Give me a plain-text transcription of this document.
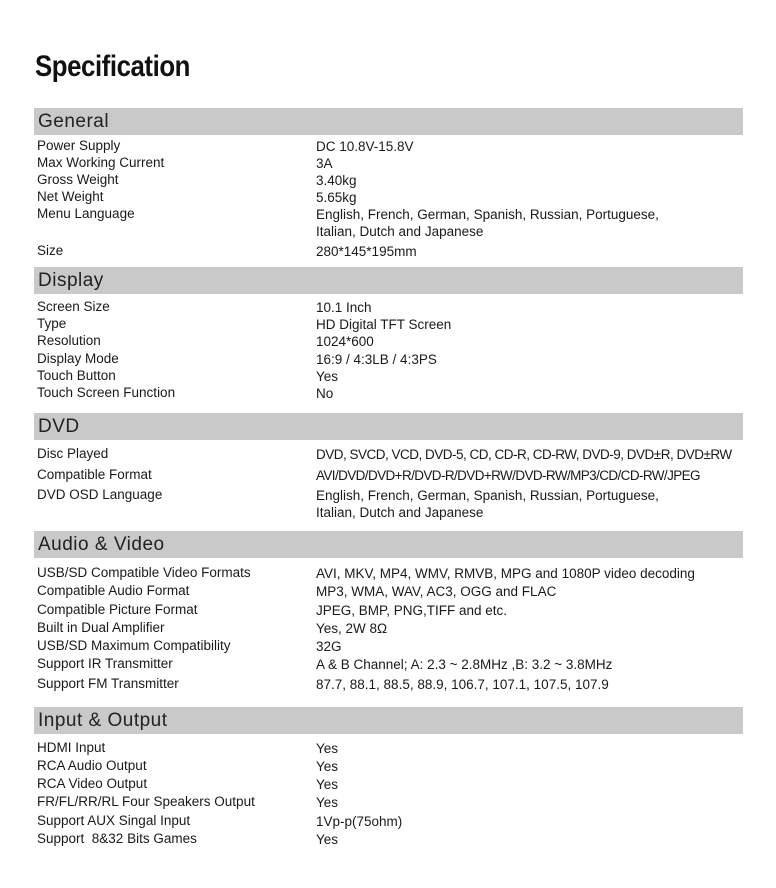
Specification
General
Power Supply	DC 10.8V-15.8V
Max Working Current	3A
Gross Weight	3.40kg
Net Weight	5.65kg
Menu Language	English, French, German, Spanish, Russian, Portuguese,
Italian, Dutch and Japanese
Size	280*145*195mm
Display
Screen Size	10.1 Inch
Type	HD Digital TFT Screen
Resolution	1024*600
Display Mode	16:9 / 4:3LB / 4:3PS
Touch Button	Yes
Touch Screen Function	No
DVD
Disc Played	DVD, SVCD, VCD, DVD-5, CD, CD-R, CD-RW, DVD-9, DVD±R, DVD±RW
Compatible Format	AVI/DVD/DVD+R/DVD-R/DVD+RW/DVD-RW/MP3/CD/CD-RW/JPEG
DVD OSD Language	English, French, German, Spanish, Russian, Portuguese,
Italian, Dutch and Japanese
Audio & Video
USB/SD Compatible Video Formats	AVI, MKV, MP4, WMV, RMVB, MPG and 1080P video decoding
Compatible Audio Format	MP3, WMA, WAV, AC3, OGG and FLAC
Compatible Picture Format	JPEG, BMP, PNG,TIFF and etc.
Built in Dual Amplifier	Yes, 2W 8Ω
USB/SD Maximum Compatibility	32G
Support IR Transmitter	A & B Channel; A: 2.3 ~ 2.8MHz ,B: 3.2 ~ 3.8MHz
Support FM Transmitter	87.7, 88.1, 88.5, 88.9, 106.7, 107.1, 107.5, 107.9
Input & Output
HDMI Input	Yes
RCA Audio Output	Yes
RCA Video Output	Yes
FR/FL/RR/RL Four Speakers Output	Yes
Support AUX Singal Input	1Vp-p(75ohm)
Support  8&32 Bits Games	Yes
